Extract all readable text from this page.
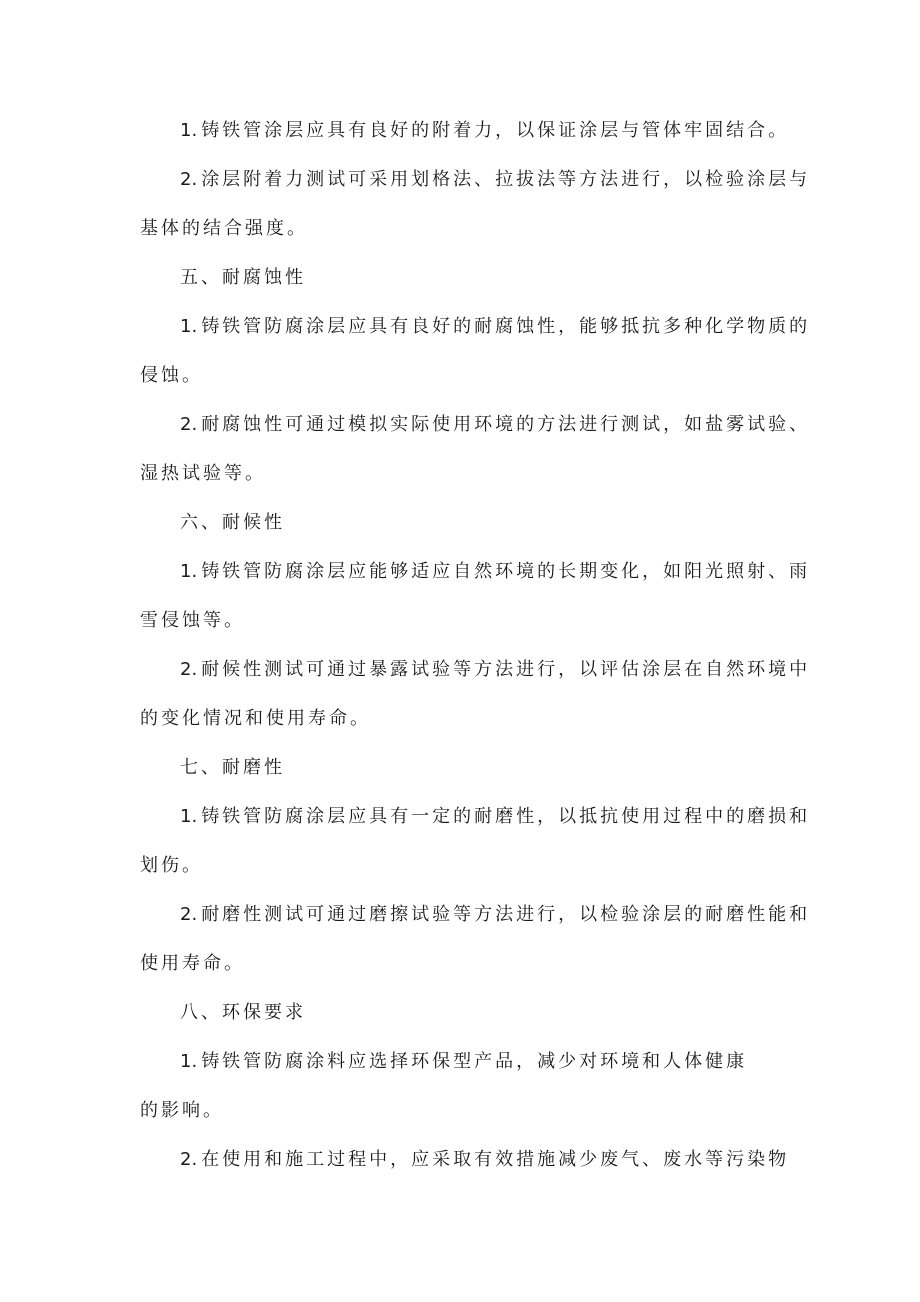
1. 铸铁管涂层应具有良好的附着力，以保证涂层与管体牢固结合。
2. 涂层附着力测试可采用划格法、拉拔法等方法进行，以检验涂层与
基体的结合强度。
五、耐腐蚀性
1. 铸铁管防腐涂层应具有良好的耐腐蚀性，能够抵抗多种化学物质的
侵蚀。
2. 耐腐蚀性可通过模拟实际使用环境的方法进行测试，如盐雾试验、
湿热试验等。
六、耐候性
1. 铸铁管防腐涂层应能够适应自然环境的长期变化，如阳光照射、雨
雪侵蚀等。
2. 耐候性测试可通过暴露试验等方法进行，以评估涂层在自然环境中
的变化情况和使用寿命。
七、耐磨性
1. 铸铁管防腐涂层应具有一定的耐磨性，以抵抗使用过程中的磨损和
划伤。
2. 耐磨性测试可通过磨擦试验等方法进行，以检验涂层的耐磨性能和
使用寿命。
八、环保要求
1. 铸铁管防腐涂料应选择环保型产品，减少对环境和人体健康
的影响。
2. 在使用和施工过程中，应采取有效措施减少废气、废水等污染物
